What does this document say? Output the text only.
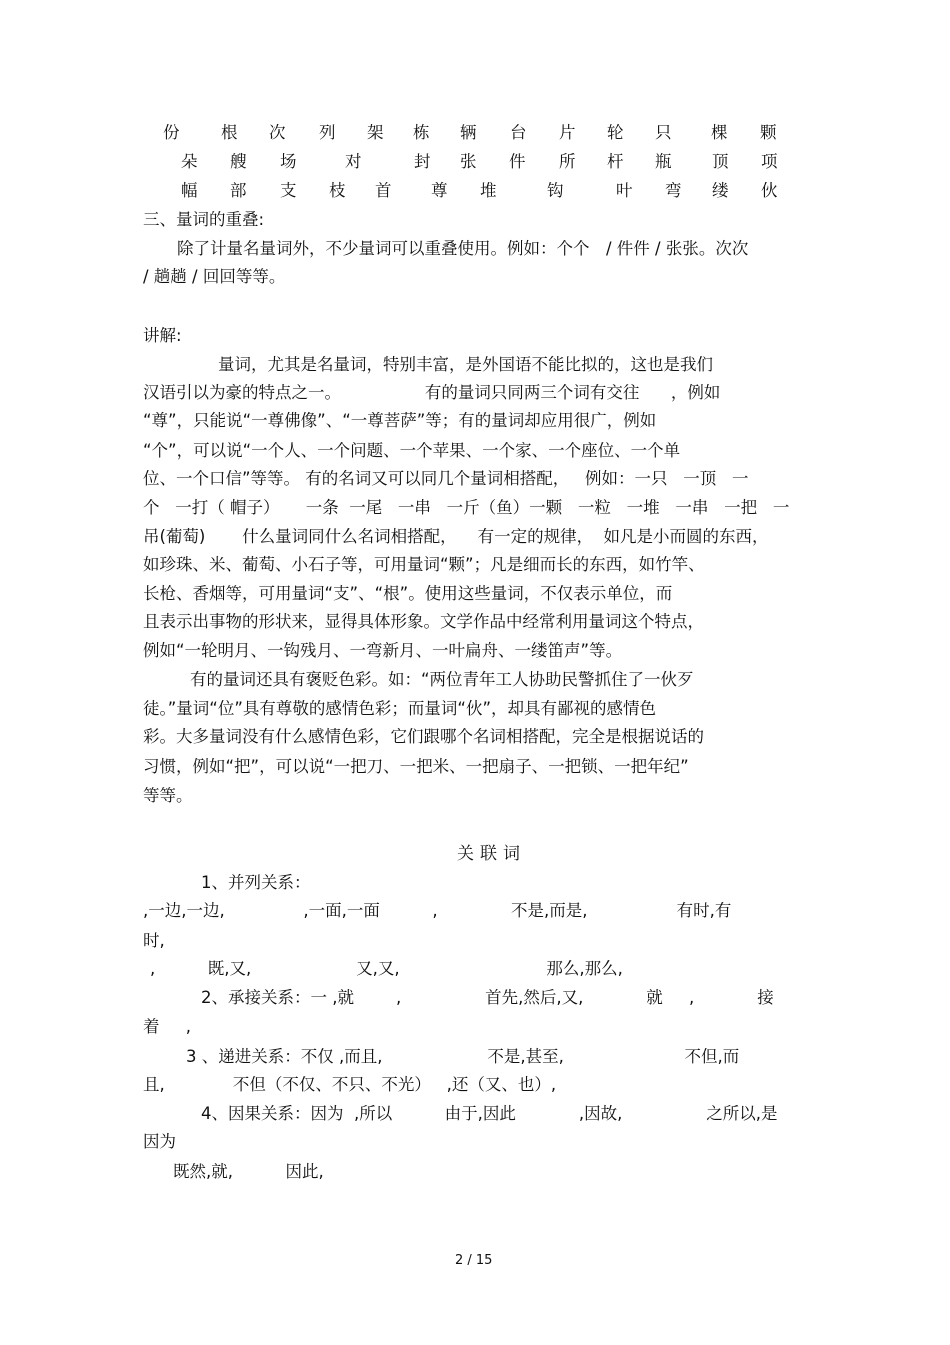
份	根 次 列 架 栋 辆 台 片 轮 只 棵 颗
朵 艘 场	对	封 张 件 所 杆 瓶 顶 项
幅 部 支 枝 首 尊 堆	钩	叶 弯 缕 伙
三、量词的重叠:
除了计量名量词外，不少量词可以重叠使用。例如：个个　/ 件件 / 张张。次次
/ 趟趟 / 回回等等。
讲解:
量词，尤其是名量词，特别丰富，是外国语不能比拟的，这也是我们
汉语引以为豪的特点之一。                有的量词只同两三个词有交往      ，例如
“尊”，只能说“一尊佛像”、“一尊菩萨”等；有的量词却应用很广，例如
“个”，可以说“一个人、一个问题、一个苹果、一个家、一个座位、一个单
位、一个口信”等等。 有的名词又可以同几个量词相搭配，   例如：一只   一顶   一
个   一打（ 帽子）     一条  一尾   一串   一斤（鱼）一颗   一粒   一堆   一串   一把   一
吊(葡萄)       什么量词同什么名词相搭配，    有一定的规律，  如凡是小而圆的东西，
如珍珠、米、葡萄、小石子等，可用量词“颗”；凡是细而长的东西，如竹竿、
长枪、香烟等，可用量词“支”、“根”。使用这些量词，不仅表示单位，而
且表示出事物的形状来，显得具体形象。文学作品中经常利用量词这个特点，
例如“一轮明月、一钩残月、一弯新月、一叶扁舟、一缕笛声”等。
有的量词还具有褒贬色彩。如：“两位青年工人协助民警抓住了一伙歹
徒。”量词“位”具有尊敬的感情色彩；而量词“伙”，却具有鄙视的感情色
彩。大多量词没有什么感情色彩，它们跟哪个名词相搭配，完全是根据说话的
习惯，例如“把”，可以说“一把刀、一把米、一把扇子、一把锁、一把年纪”
等等。
关联词
1、并列关系：
,一边,一边,               ,一面,一面          ,              不是,而是,                 有时,有
时,
,          既,又,                    又,又,                            那么,那么,
2、承接关系：一 ,就        ,                首先,然后,又,            就     ,            接
着     ,
3 、递进关系：不仅 ,而且,                    不是,甚至,                       不但,而
且,             不但（不仅、不只、不光）   ,还（又、也）,
4、因果关系：因为  ,所以          由于,因此            ,因故,                之所以,是
因为
既然,就,          因此,
2 / 15
